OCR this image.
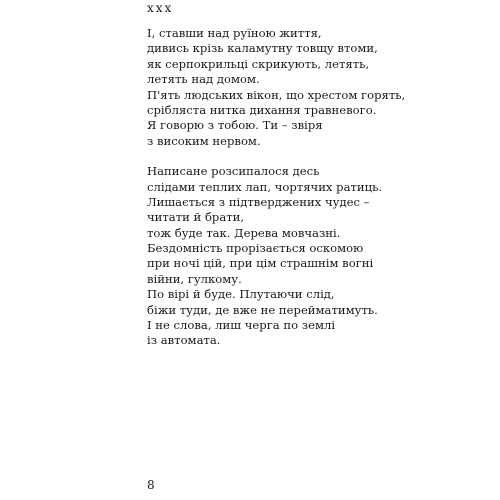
xxx
І, ставши над руїною життя,
дивись крізь каламутну товщу втоми,
як серпокрильці скрикують, летять,
летять над домом.
П'ять людських вікон, що хрестом горять,
сріблястa нитка дихання травневого.
Я говорю з тобою. Ти – звіря
з високим нервом.
Написане розсипалося десь
слідами теплих лап, чортячих ратиць.
Лишається з підтверджених чудес –
читати й брати,
тож буде так. Дерева мовчазні.
Бездомність прорізається оскомою
при ночі цій, при цім страшнім вогні
війни, гулкому.
По вірі й буде. Плутаючи слід,
біжи туди, де вже не перейматимуть.
І не слова, лиш черга по землі
із автомата.
8
